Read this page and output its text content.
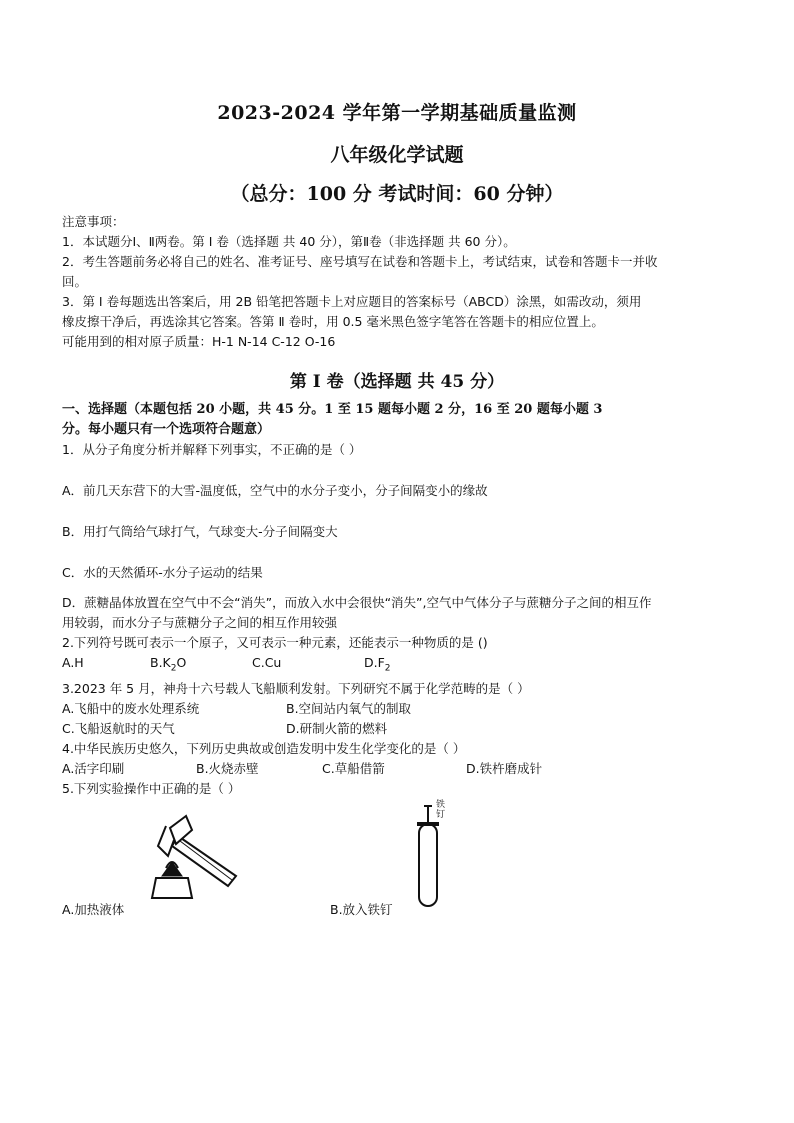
2023-2024 学年第一学期基础质量监测
八年级化学试题
（总分：100 分 考试时间：60 分钟）
注意事项：
1．本试题分Ⅰ、Ⅱ两卷。第 Ⅰ 卷（选择题 共 40 分），第Ⅱ卷（非选择题 共 60 分）。
2．考生答题前务必将自己的姓名、准考证号、座号填写在试卷和答题卡上，考试结束，试卷和答题卡一并收
回。
3．第 Ⅰ 卷每题选出答案后，用 2B 铅笔把答题卡上对应题目的答案标号（ABCD）涂黑，如需改动，须用
橡皮擦干净后，再选涂其它答案。答第 Ⅱ 卷时，用 0.5 毫米黑色签字笔答在答题卡的相应位置上。
可能用到的相对原子质量：H-1 N-14 C-12 O-16
第 Ⅰ 卷（选择题 共 45 分）
一、选择题（本题包括 20 小题，共 45 分。1 至 15 题每小题 2 分，16 至 20 题每小题 3
分。每小题只有一个选项符合题意）
1．从分子角度分析并解释下列事实，不正确的是（ ）
A．前几天东营下的大雪-温度低，空气中的水分子变小，分子间隔变小的缘故
B．用打气筒给气球打气，气球变大-分子间隔变大
C．水的天然循环-水分子运动的结果
D．蔗糖晶体放置在空气中不会“消失”，而放入水中会很快“消失”,空气中气体分子与蔗糖分子之间的相互作
用较弱，而水分子与蔗糖分子之间的相互作用较强
2.下列符号既可表示一个原子，又可表示一种元素，还能表示一种物质的是 ()
A.H	$B.K_2O$	C.Cu	$D.F_2$
3.2023 年 5 月，神舟十六号载人飞船顺利发射。下列研究不属于化学范畴的是（ ）
A.飞船中的废水处理系统	B.空间站内氧气的制取
C.飞船返航时的天气	D.研制火箭的燃料
4.中华民族历史悠久，下列历史典故或创造发明中发生化学变化的是（ ）
A.活字印刷	B.火烧赤壁	C.草船借箭	D.铁杵磨成针
5.下列实验操作中正确的是（ ）
A.加热液体
铁
钉
B.放入铁钉
